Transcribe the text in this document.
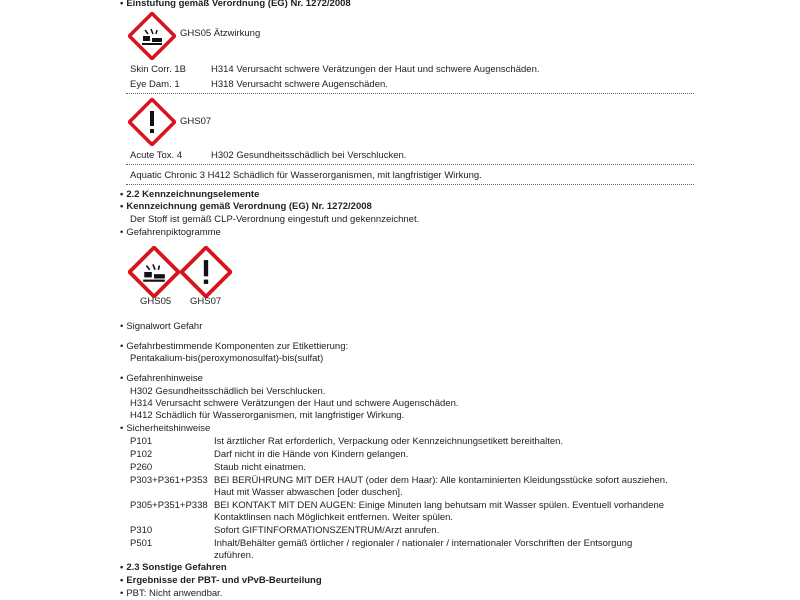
• Einstufung gemäß Verordnung (EG) Nr. 1272/2008
GHS05 Ätzwirkung
Skin Corr. 1B	H314 Verursacht schwere Verätzungen der Haut und schwere Augenschäden.
Eye Dam. 1	H318 Verursacht schwere Augenschäden.
GHS07
Acute Tox. 4	H302 Gesundheitsschädlich bei Verschlucken.
Aquatic Chronic 3 H412 Schädlich für Wasserorganismen, mit langfristiger Wirkung.
• 2.2 Kennzeichnungselemente
• Kennzeichnung gemäß Verordnung (EG) Nr. 1272/2008
Der Stoff ist gemäß CLP-Verordnung eingestuft und gekennzeichnet.
• Gefahrenpiktogramme
GHS05 GHS07
• Signalwort Gefahr
• Gefahrbestimmende Komponenten zur Etikettierung:
Pentakalium-bis(peroxymonosulfat)-bis(sulfat)
• Gefahrenhinweise
H302 Gesundheitsschädlich bei Verschlucken.
H314 Verursacht schwere Verätzungen der Haut und schwere Augenschäden.
H412 Schädlich für Wasserorganismen, mit langfristiger Wirkung.
• Sicherheitshinweise
P101	Ist ärztlicher Rat erforderlich, Verpackung oder Kennzeichnungsetikett bereithalten.
P102	Darf nicht in die Hände von Kindern gelangen.
P260	Staub nicht einatmen.
P303+P361+P353 BEI BERÜHRUNG MIT DER HAUT (oder dem Haar): Alle kontaminierten Kleidungsstücke sofort ausziehen. Haut mit Wasser abwaschen [oder duschen].
P305+P351+P338 BEI KONTAKT MIT DEN AUGEN: Einige Minuten lang behutsam mit Wasser spülen. Eventuell vorhandene Kontaktlinsen nach Möglichkeit entfernen. Weiter spülen.
P310	Sofort GIFTINFORMATIONSZENTRUM/Arzt anrufen.
P501	Inhalt/Behälter gemäß örtlicher / regionaler / nationaler / internationaler Vorschriften der Entsorgung zuführen.
• 2.3 Sonstige Gefahren
• Ergebnisse der PBT- und vPvB-Beurteilung
• PBT: Nicht anwendbar.
